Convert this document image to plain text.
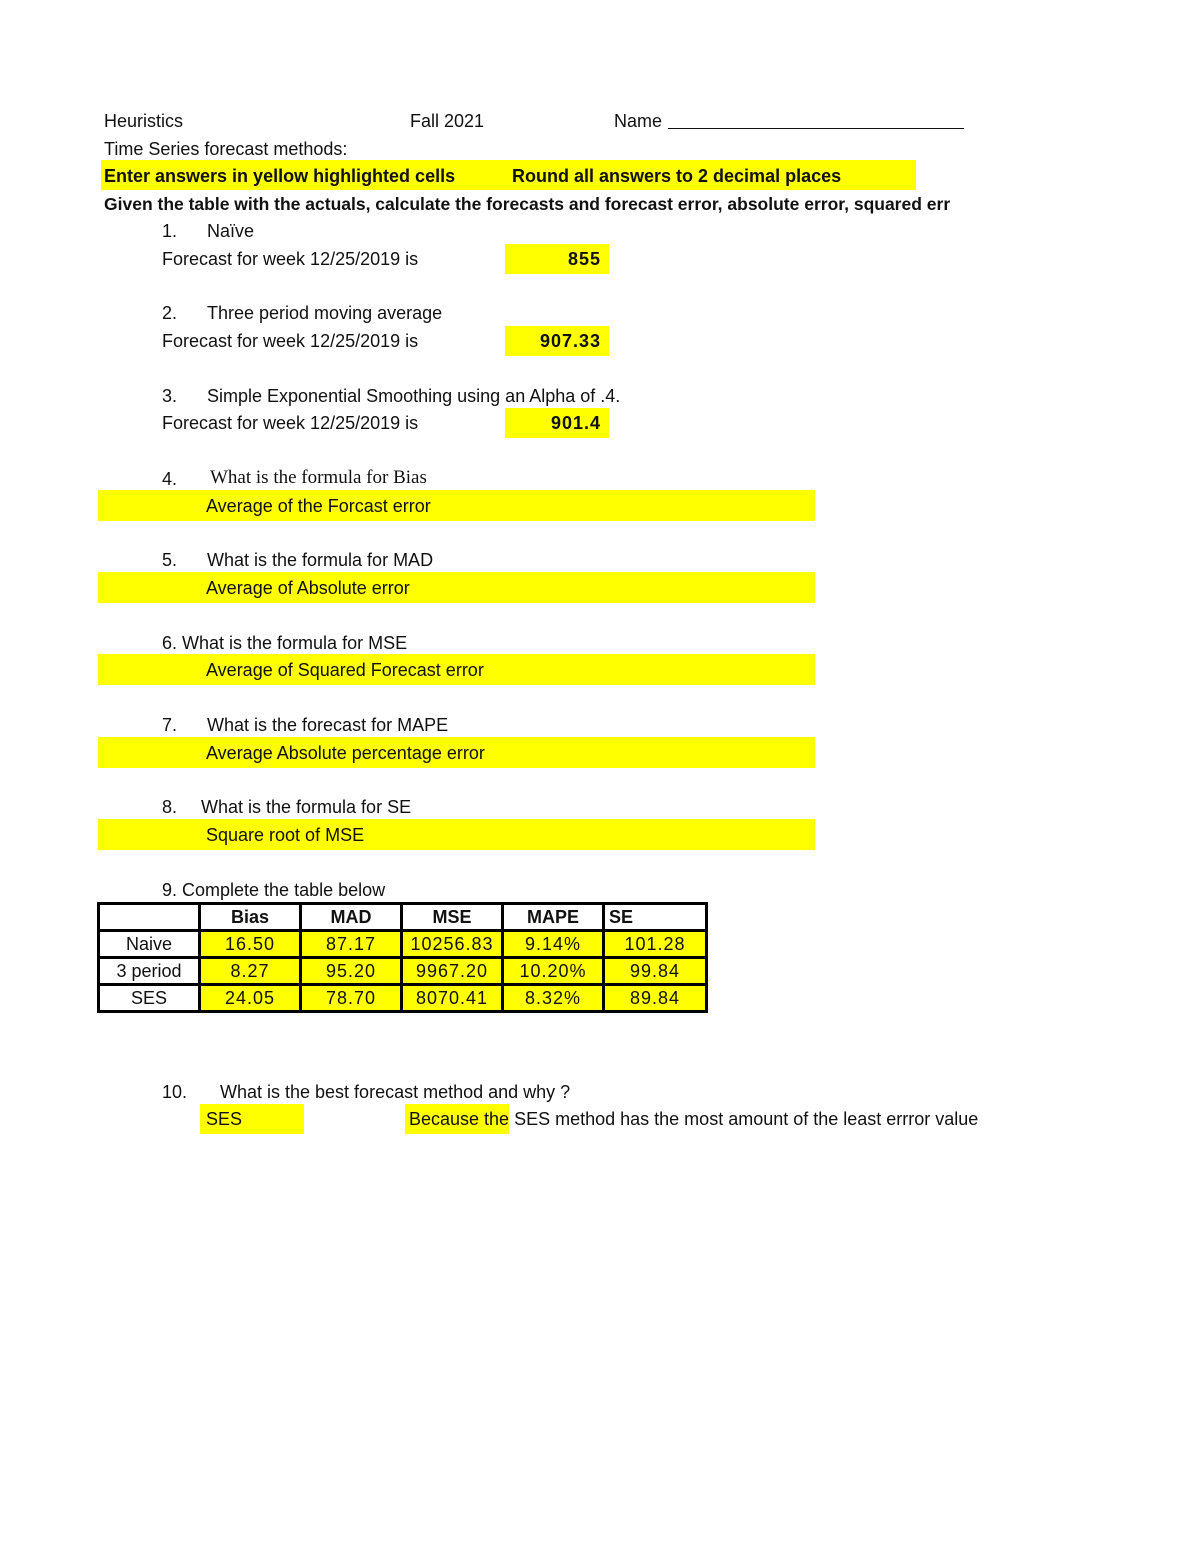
Heuristics	Fall 2021	Name
Time Series forecast methods:
Enter answers in yellow highlighted cells	Round all answers to 2 decimal places
Given the table with the actuals, calculate the forecasts and forecast error, absolute error, squared err
1. Naïve
Forecast for week 12/25/2019 is	855
2. Three period moving average
Forecast for week 12/25/2019 is	907.33
3. Simple Exponential Smoothing using an Alpha of .4.
Forecast for week 12/25/2019 is	901.4
4. What is the formula for Bias
Average of the Forcast error
5. What is the formula for MAD
Average of Absolute error
6. What is the formula for MSE
Average of Squared Forecast error
7. What is the forecast for MAPE
Average Absolute percentage error
8. What is the formula for SE
Square root of MSE
9. Complete the table below
	Bias	MAD	MSE	MAPE	SE
Naive	16.50	87.17	10256.83	9.14%	101.28
3 period	8.27	95.20	9967.20	10.20%	99.84
SES	24.05	78.70	8070.41	8.32%	89.84
10. What is the best forecast method and why ?
SES	Because the SES method has the most amount of the least errror value
